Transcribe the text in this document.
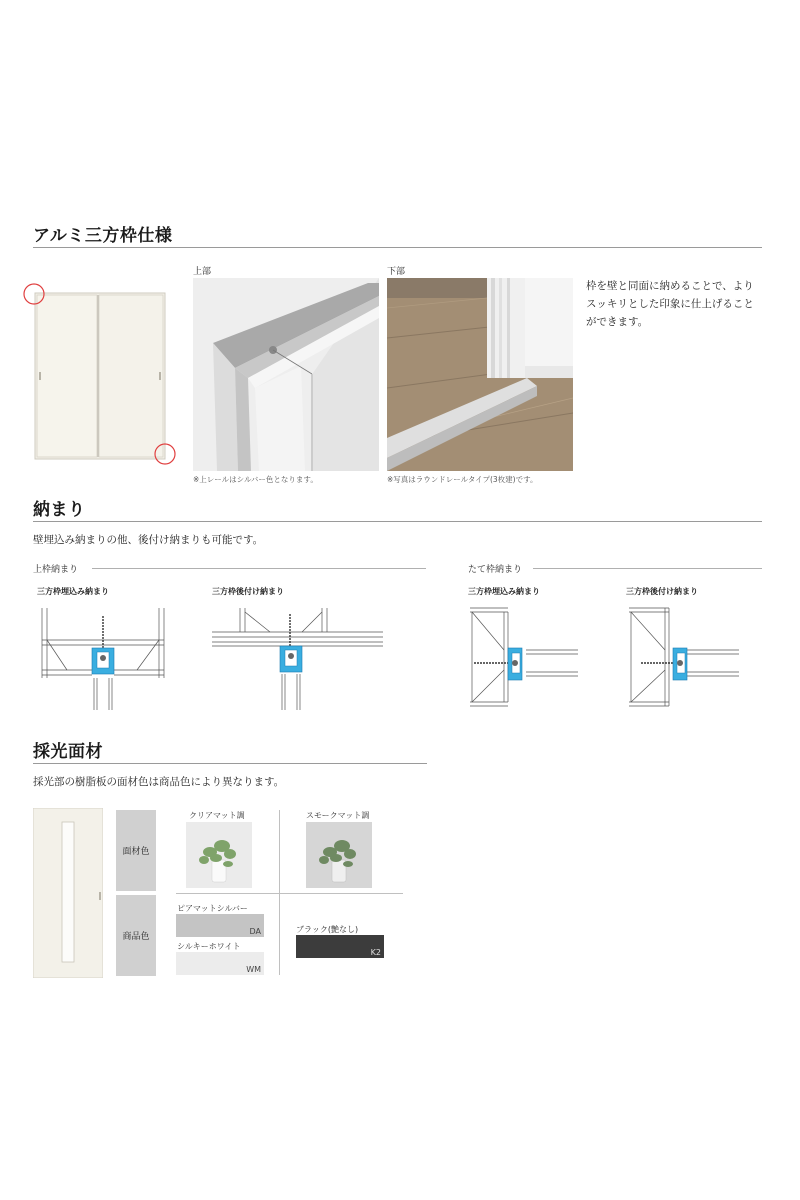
アルミ三方枠仕様
上部	下部
※上レールはシルバー色となります。	※写真はラウンドレールタイプ(3枚建)です。
枠を壁と同面に納めることで、よりスッキリとした印象に仕上げることができます。
納まり
壁埋込み納まりの他、後付け納まりも可能です。
上枠納まり	たて枠納まり
三方枠埋込み納まり	三方枠後付け納まり	三方枠埋込み納まり	三方枠後付け納まり
採光面材
採光部の樹脂板の面材色は商品色により異なります。
面材色
商品色
クリアマット調	スモークマット調
ピアマットシルバー
DA
シルキーホワイト
WM
ブラック(艶なし)
K2
